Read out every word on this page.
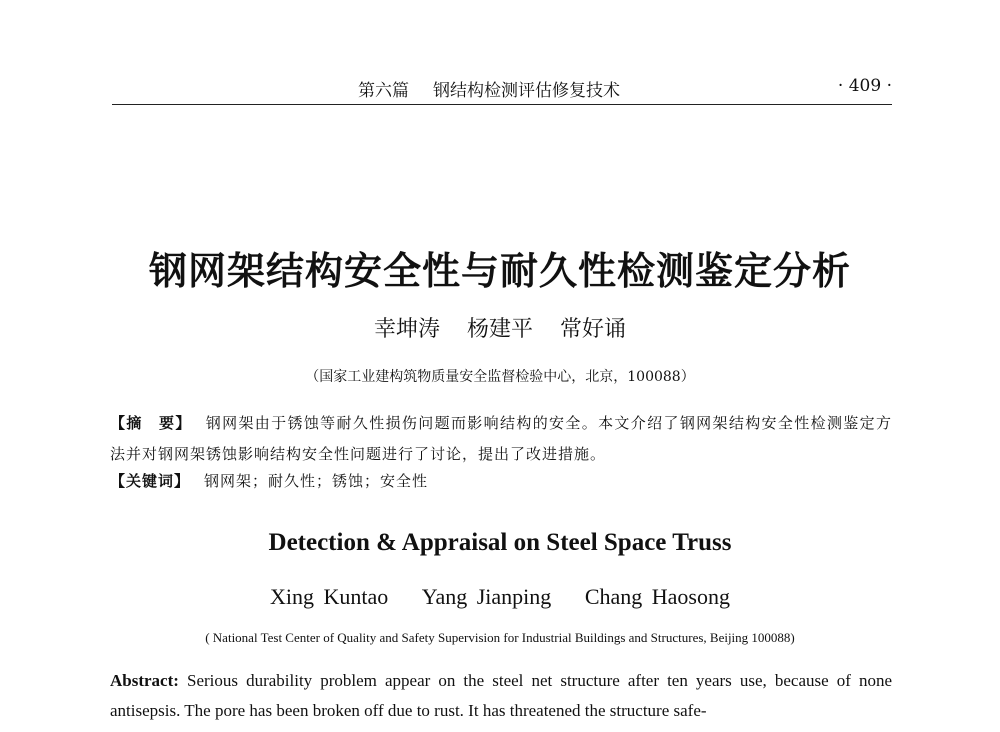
第六篇 钢结构检测评估修复技术	· 409 ·
钢网架结构安全性与耐久性检测鉴定分析
幸坤涛 杨建平 常好诵
（国家工业建构筑物质量安全监督检验中心，北京，100088）
【摘　要】 钢网架由于锈蚀等耐久性损伤问题而影响结构的安全。本文介绍了钢网架结构安全性检测鉴定方法并对钢网架锈蚀影响结构安全性问题进行了讨论，提出了改进措施。
【关键词】 钢网架；耐久性；锈蚀；安全性
Detection & Appraisal on Steel Space Truss
Xing Kuntao Yang Jianping Chang Haosong
( National Test Center of Quality and Safety Supervision for Industrial Buildings and Structures, Beijing 100088)
Abstract: Serious durability problem appear on the steel net structure after ten years use, because of none antisepsis. The pore has been broken off due to rust. It has threatened the structure safe-
